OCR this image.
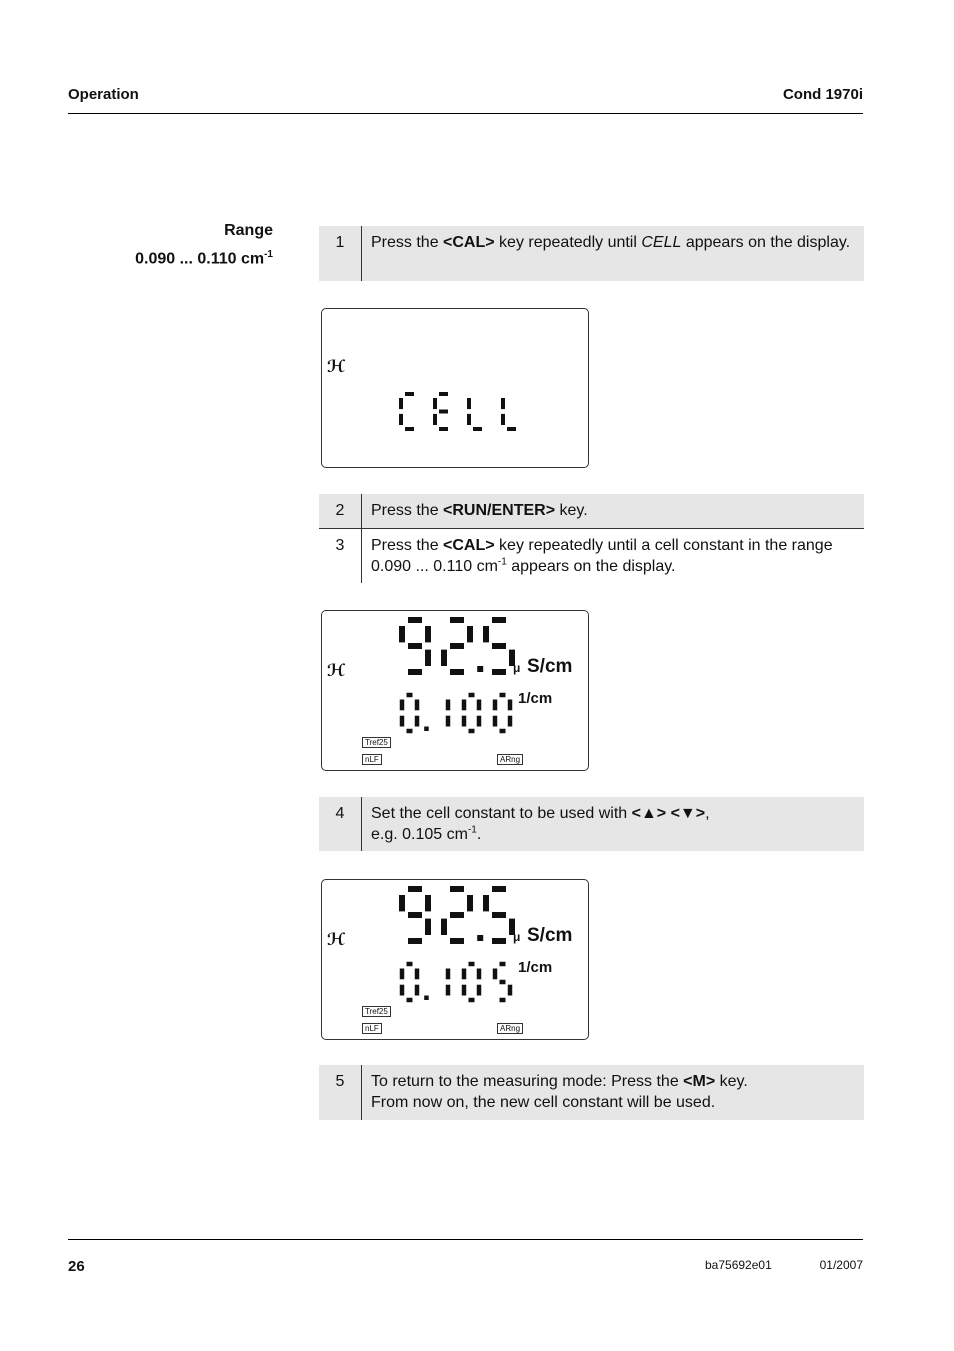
Operation	Cond 1970i
Range
0.090 ... 0.110 $cm^{-1}$
1	Press the <CAL> key repeatedly until CELL appears on the display.
ℋ
2	Press the <RUN/ENTER> key.
3	Press the <CAL> key repeatedly until a cell constant in the range 0.090 ... 0.110 $cm^{-1}$ appears on the display.
ℋ	μ S/cm
1/cm
Tref25
nLF	ARng
4	Set the cell constant to be used with <▲> <▼>,
e.g. 0.105 $cm^{-1}$.
ℋ	μ S/cm
1/cm
Tref25
nLF	ARng
5	To return to the measuring mode: Press the <M> key.
From now on, the new cell constant will be used.
26	ba75692e01	01/2007
